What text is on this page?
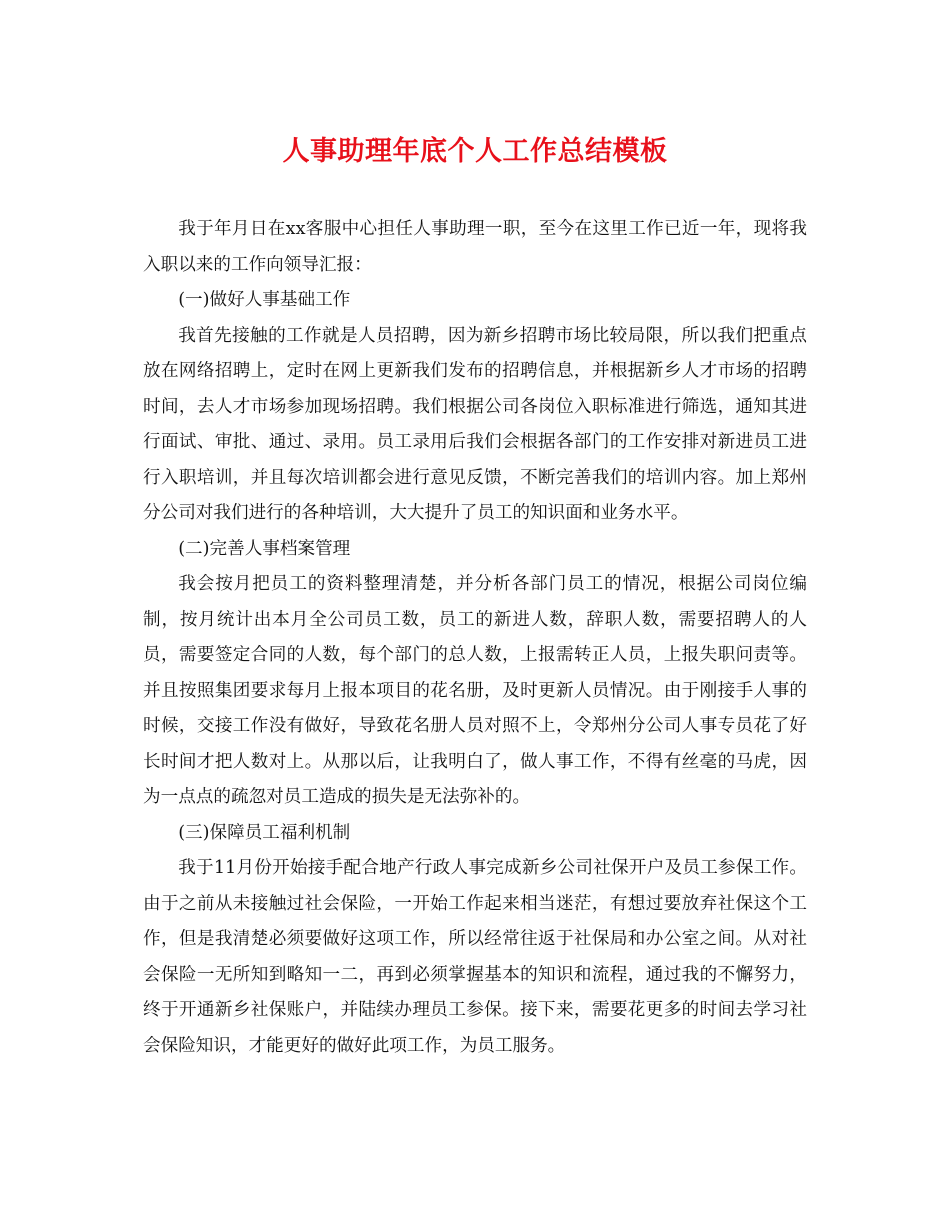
人事助理年底个人工作总结模板

我于年月日在xx客服中心担任人事助理一职，至今在这里工作已近一年，现将我入职以来的工作向领导汇报：

(一)做好人事基础工作

我首先接触的工作就是人员招聘，因为新乡招聘市场比较局限，所以我们把重点放在网络招聘上，定时在网上更新我们发布的招聘信息，并根据新乡人才市场的招聘时间，去人才市场参加现场招聘。我们根据公司各岗位入职标准进行筛选，通知其进行面试、审批、通过、录用。员工录用后我们会根据各部门的工作安排对新进员工进行入职培训，并且每次培训都会进行意见反馈，不断完善我们的培训内容。加上郑州分公司对我们进行的各种培训，大大提升了员工的知识面和业务水平。

(二)完善人事档案管理

我会按月把员工的资料整理清楚，并分析各部门员工的情况，根据公司岗位编制，按月统计出本月全公司员工数，员工的新进人数，辞职人数，需要招聘人的人员，需要签定合同的人数，每个部门的总人数，上报需转正人员，上报失职问责等。并且按照集团要求每月上报本项目的花名册，及时更新人员情况。由于刚接手人事的时候，交接工作没有做好，导致花名册人员对照不上，令郑州分公司人事专员花了好长时间才把人数对上。从那以后，让我明白了，做人事工作，不得有丝毫的马虎，因为一点点的疏忽对员工造成的损失是无法弥补的。

(三)保障员工福利机制

我于11月份开始接手配合地产行政人事完成新乡公司社保开户及员工参保工作。由于之前从未接触过社会保险，一开始工作起来相当迷茫，有想过要放弃社保这个工作，但是我清楚必须要做好这项工作，所以经常往返于社保局和办公室之间。从对社会保险一无所知到略知一二，再到必须掌握基本的知识和流程，通过我的不懈努力，终于开通新乡社保账户，并陆续办理员工参保。接下来，需要花更多的时间去学习社会保险知识，才能更好的做好此项工作，为员工服务。
